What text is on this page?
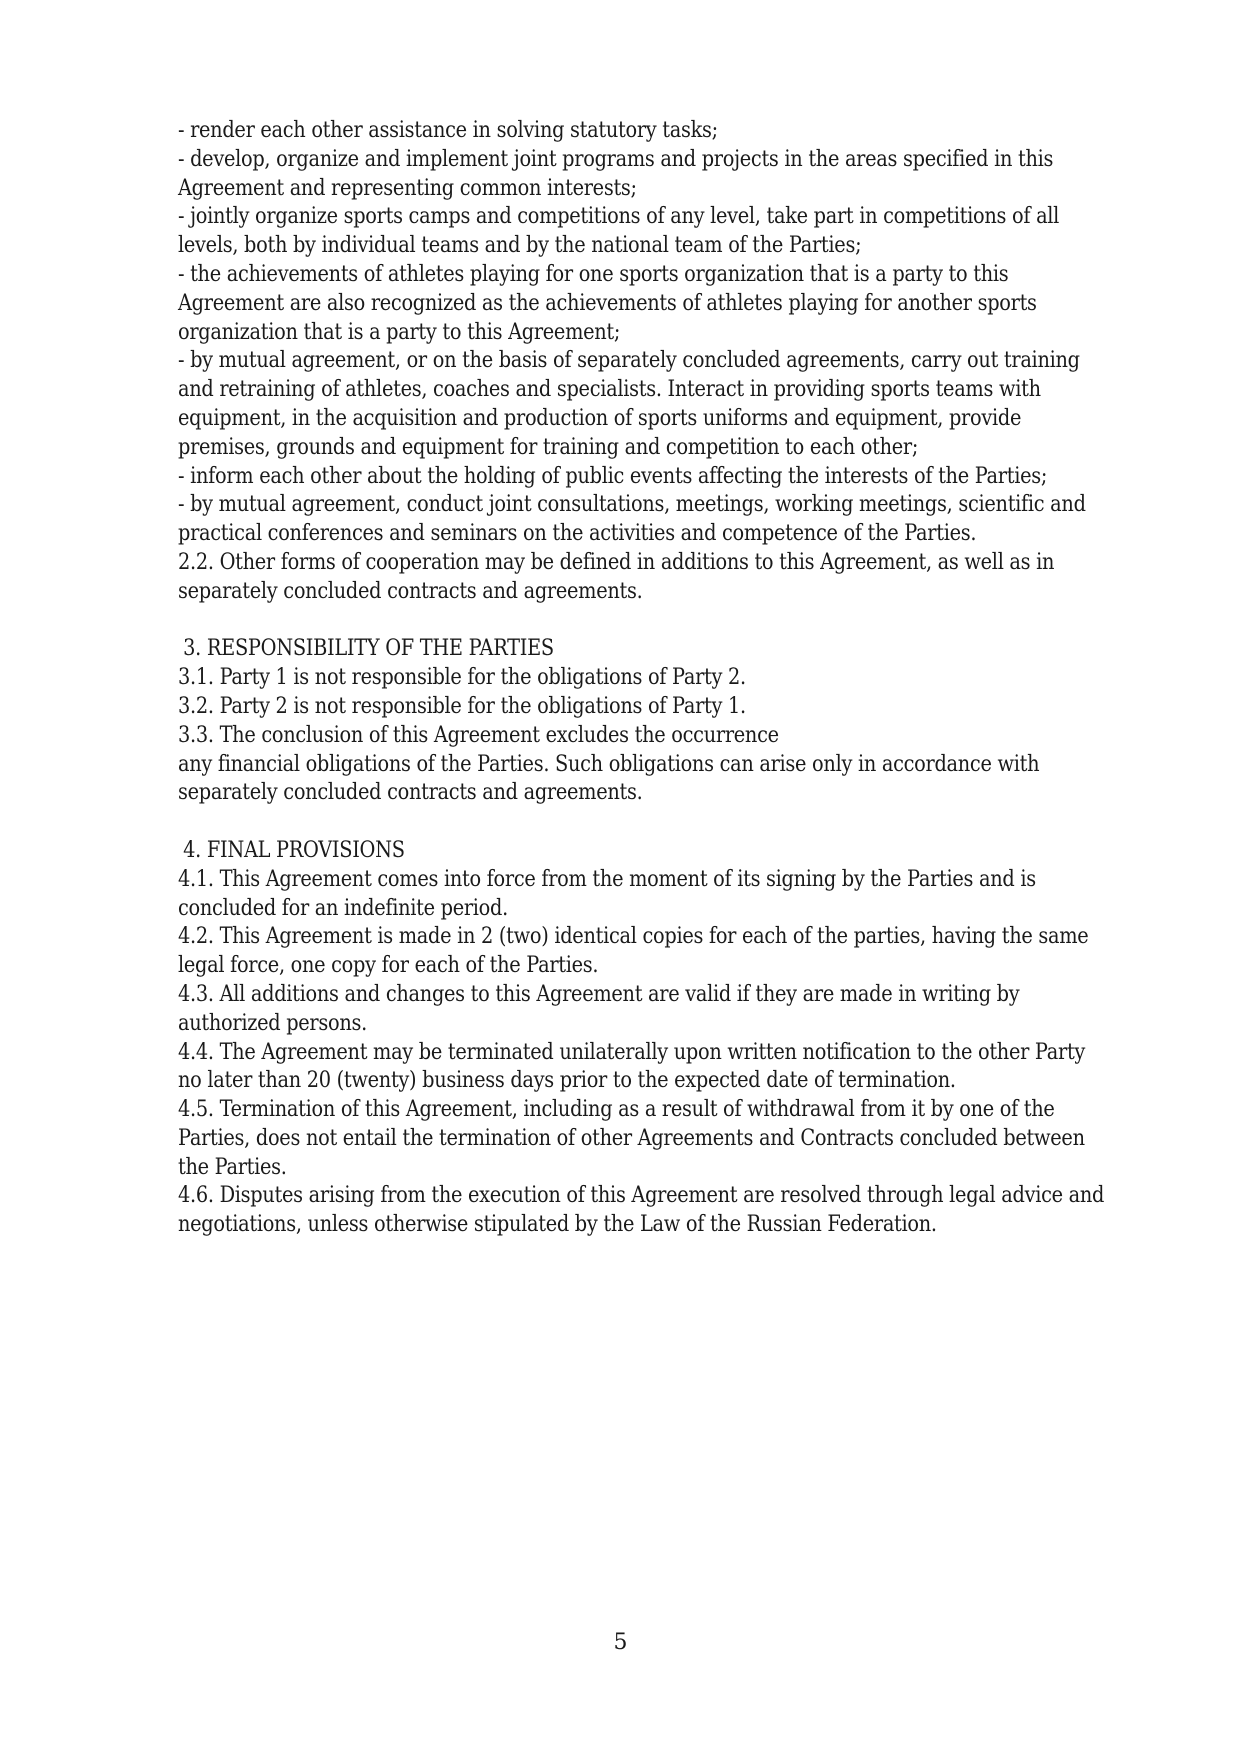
- render each other assistance in solving statutory tasks;
- develop, organize and implement joint programs and projects in the areas specified in this
Agreement and representing common interests;
- jointly organize sports camps and competitions of any level, take part in competitions of all
levels, both by individual teams and by the national team of the Parties;
- the achievements of athletes playing for one sports organization that is a party to this
Agreement are also recognized as the achievements of athletes playing for another sports
organization that is a party to this Agreement;
- by mutual agreement, or on the basis of separately concluded agreements, carry out training
and retraining of athletes, coaches and specialists. Interact in providing sports teams with
equipment, in the acquisition and production of sports uniforms and equipment, provide
premises, grounds and equipment for training and competition to each other;
- inform each other about the holding of public events affecting the interests of the Parties;
- by mutual agreement, conduct joint consultations, meetings, working meetings, scientific and
practical conferences and seminars on the activities and competence of the Parties.
2.2. Other forms of cooperation may be defined in additions to this Agreement, as well as in
separately concluded contracts and agreements.
3. RESPONSIBILITY OF THE PARTIES
3.1. Party 1 is not responsible for the obligations of Party 2.
3.2. Party 2 is not responsible for the obligations of Party 1.
3.3. The conclusion of this Agreement excludes the occurrence
any financial obligations of the Parties. Such obligations can arise only in accordance with
separately concluded contracts and agreements.
4. FINAL PROVISIONS
4.1. This Agreement comes into force from the moment of its signing by the Parties and is
concluded for an indefinite period.
4.2. This Agreement is made in 2 (two) identical copies for each of the parties, having the same
legal force, one copy for each of the Parties.
4.3. All additions and changes to this Agreement are valid if they are made in writing by
authorized persons.
4.4. The Agreement may be terminated unilaterally upon written notification to the other Party
no later than 20 (twenty) business days prior to the expected date of termination.
4.5. Termination of this Agreement, including as a result of withdrawal from it by one of the
Parties, does not entail the termination of other Agreements and Contracts concluded between
the Parties.
4.6. Disputes arising from the execution of this Agreement are resolved through legal advice and
negotiations, unless otherwise stipulated by the Law of the Russian Federation.
5
